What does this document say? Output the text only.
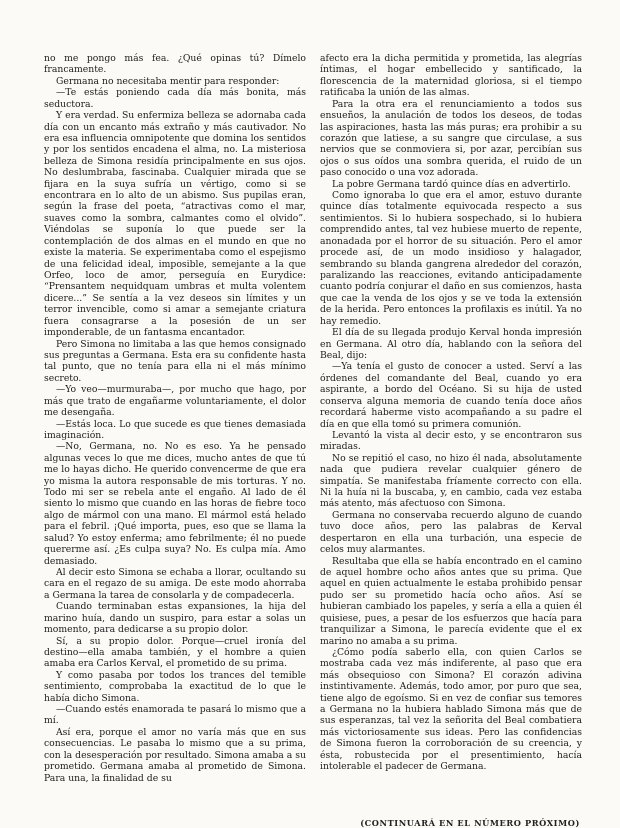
no me pongo más fea. ¿Qué opinas tú? Dímelo francamente.

Germana no necesitaba mentir para responder:

—Te estás poniendo cada día más bonita, más seductora.

Y era verdad. Su enfermiza belleza se adornaba cada día con un encanto más extraño y más cautivador. No era esa influencia omnipotente que domina los sentidos y por los sentidos encadena el alma, no. La misteriosa belleza de Simona residía principalmente en sus ojos. No deslumbraba, fascinaba. Cualquier mirada que se fijara en la suya sufría un vértigo, como si se encontrara en lo alto de un abismo. Sus pupilas eran, según la frase del poeta, “atractivas como el mar, suaves como la sombra, calmantes como el olvido”. Viéndolas se suponía lo que puede ser la contemplación de dos almas en el mundo en que no existe la materia. Se experimentaba como el espejismo de una felicidad ideal, imposible, semejante a la que Orfeo, loco de amor, perseguía en Eurydice: “Prensantem nequidquam umbras et multa volentem dicere...” Se sentía a la vez deseos sin límites y un terror invencible, como si amar a semejante criatura fuera consagrarse a la posesión de un ser imponderable, de un fantasma encantador.

Pero Simona no limitaba a las que hemos consignado sus preguntas a Germana. Esta era su confidente hasta tal punto, que no tenía para ella ni el más mínimo secreto.

—Yo veo—murmuraba—, por mucho que hago, por más que trato de engañarme voluntariamente, el dolor me desengaña.

—Estás loca. Lo que sucede es que tienes demasiada imaginación.

—No, Germana, no. No es eso. Ya he pensado algunas veces lo que me dices, mucho antes de que tú me lo hayas dicho. He querido convencerme de que era yo misma la autora responsable de mis torturas. Y no. Todo mi ser se rebela ante el engaño. Al lado de él siento lo mismo que cuando en las horas de fiebre toco algo de mármol con una mano. El mármol está helado para el febril. ¡Qué importa, pues, eso que se llama la salud? Yo estoy enferma; amo febrilmente; él no puede quererme así. ¿Es culpa suya? No. Es culpa mía. Amo demasiado.

Al decir esto Simona se echaba a llorar, ocultando su cara en el regazo de su amiga. De este modo ahorraba a Germana la tarea de consolarla y de compadecerla.

Cuando terminaban estas expansiones, la hija del marino huía, dando un suspiro, para estar a solas un momento, para dedicarse a su propio dolor.

Sí, a su propio dolor. Porque—cruel ironía del destino—ella amaba también, y el hombre a quien amaba era Carlos Kerval, el prometido de su prima.

Y como pasaba por todos los trances del temible sentimiento, comprobaba la exactitud de lo que le había dicho Simona.

—Cuando estés enamorada te pasará lo mismo que a mí.

Así era, porque el amor no varía más que en sus consecuencias. Le pasaba lo mismo que a su prima, con la desesperación por resultado. Simona amaba a su prometido. Germana amaba al prometido de Simona. Para una, la finalidad de su

afecto era la dicha permitida y prometida, las alegrías íntimas, el hogar embellecido y santificado, la florescencia de la maternidad gloriosa, si el tiempo ratificaba la unión de las almas.

Para la otra era el renunciamiento a todos sus ensueños, la anulación de todos los deseos, de todas las aspiraciones, hasta las más puras; era prohibir a su corazón que latiese, a su sangre que circulase, a sus nervios que se conmoviera si, por azar, percibían sus ojos o sus oídos una sombra querida, el ruido de un paso conocido o una voz adorada.

La pobre Germana tardó quince días en advertirlo.

Como ignoraba lo que era el amor, estuvo durante quince días totalmente equivocada respecto a sus sentimientos. Si lo hubiera sospechado, si lo hubiera comprendido antes, tal vez hubiese muerto de repente, anonadada por el horror de su situación. Pero el amor procede así, de un modo insidioso y halagador, sembrando su blanda gangrena alrededor del corazón, paralizando las reacciones, evitando anticipadamente cuanto podría conjurar el daño en sus comienzos, hasta que cae la venda de los ojos y se ve toda la extensión de la herida. Pero entonces la profilaxis es inútil. Ya no hay remedio.

El día de su llegada produjo Kerval honda impresión en Germana. Al otro día, hablando con la señora del Beal, dijo:

—Ya tenía el gusto de conocer a usted. Serví a las órdenes del comandante del Beal, cuando yo era aspirante, a bordo del Océano. Si su hija de usted conserva alguna memoria de cuando tenía doce años recordará haberme visto acompañando a su padre el día en que ella tomó su primera comunión.

Levantó la vista al decir esto, y se encontraron sus miradas.

No se repitió el caso, no hizo él nada, absolutamente nada que pudiera revelar cualquier género de simpatía. Se manifestaba fríamente correcto con ella. Ni la huía ni la buscaba, y, en cambio, cada vez estaba más atento, más afectuoso con Simona.

Germana no conservaba recuerdo alguno de cuando tuvo doce años, pero las palabras de Kerval despertaron en ella una turbación, una especie de celos muy alarmantes.

Resultaba que ella se había encontrado en el camino de aquel hombre ocho años antes que su prima. Que aquel en quien actualmente le estaba prohibido pensar pudo ser su prometido hacía ocho años. Así se hubieran cambiado los papeles, y sería a ella a quien él quisiese, pues, a pesar de los esfuerzos que hacía para tranquilizar a Simona, le parecía evidente que el ex marino no amaba a su prima.

¿Cómo podía saberlo ella, con quien Carlos se mostraba cada vez más indiferente, al paso que era más obsequioso con Simona? El corazón adivina instintivamente. Además, todo amor, por puro que sea, tiene algo de egoísmo. Si en vez de confiar sus temores a Germana no la hubiera hablado Simona más que de sus esperanzas, tal vez la señorita del Beal combatiera más victoriosamente sus ideas. Pero las confidencias de Simona fueron la corroboración de su creencia, y ésta, robustecida por el presentimiento, hacía intolerable el padecer de Germana.

(CONTINUARÁ EN EL NÚMERO PRÓXIMO)
